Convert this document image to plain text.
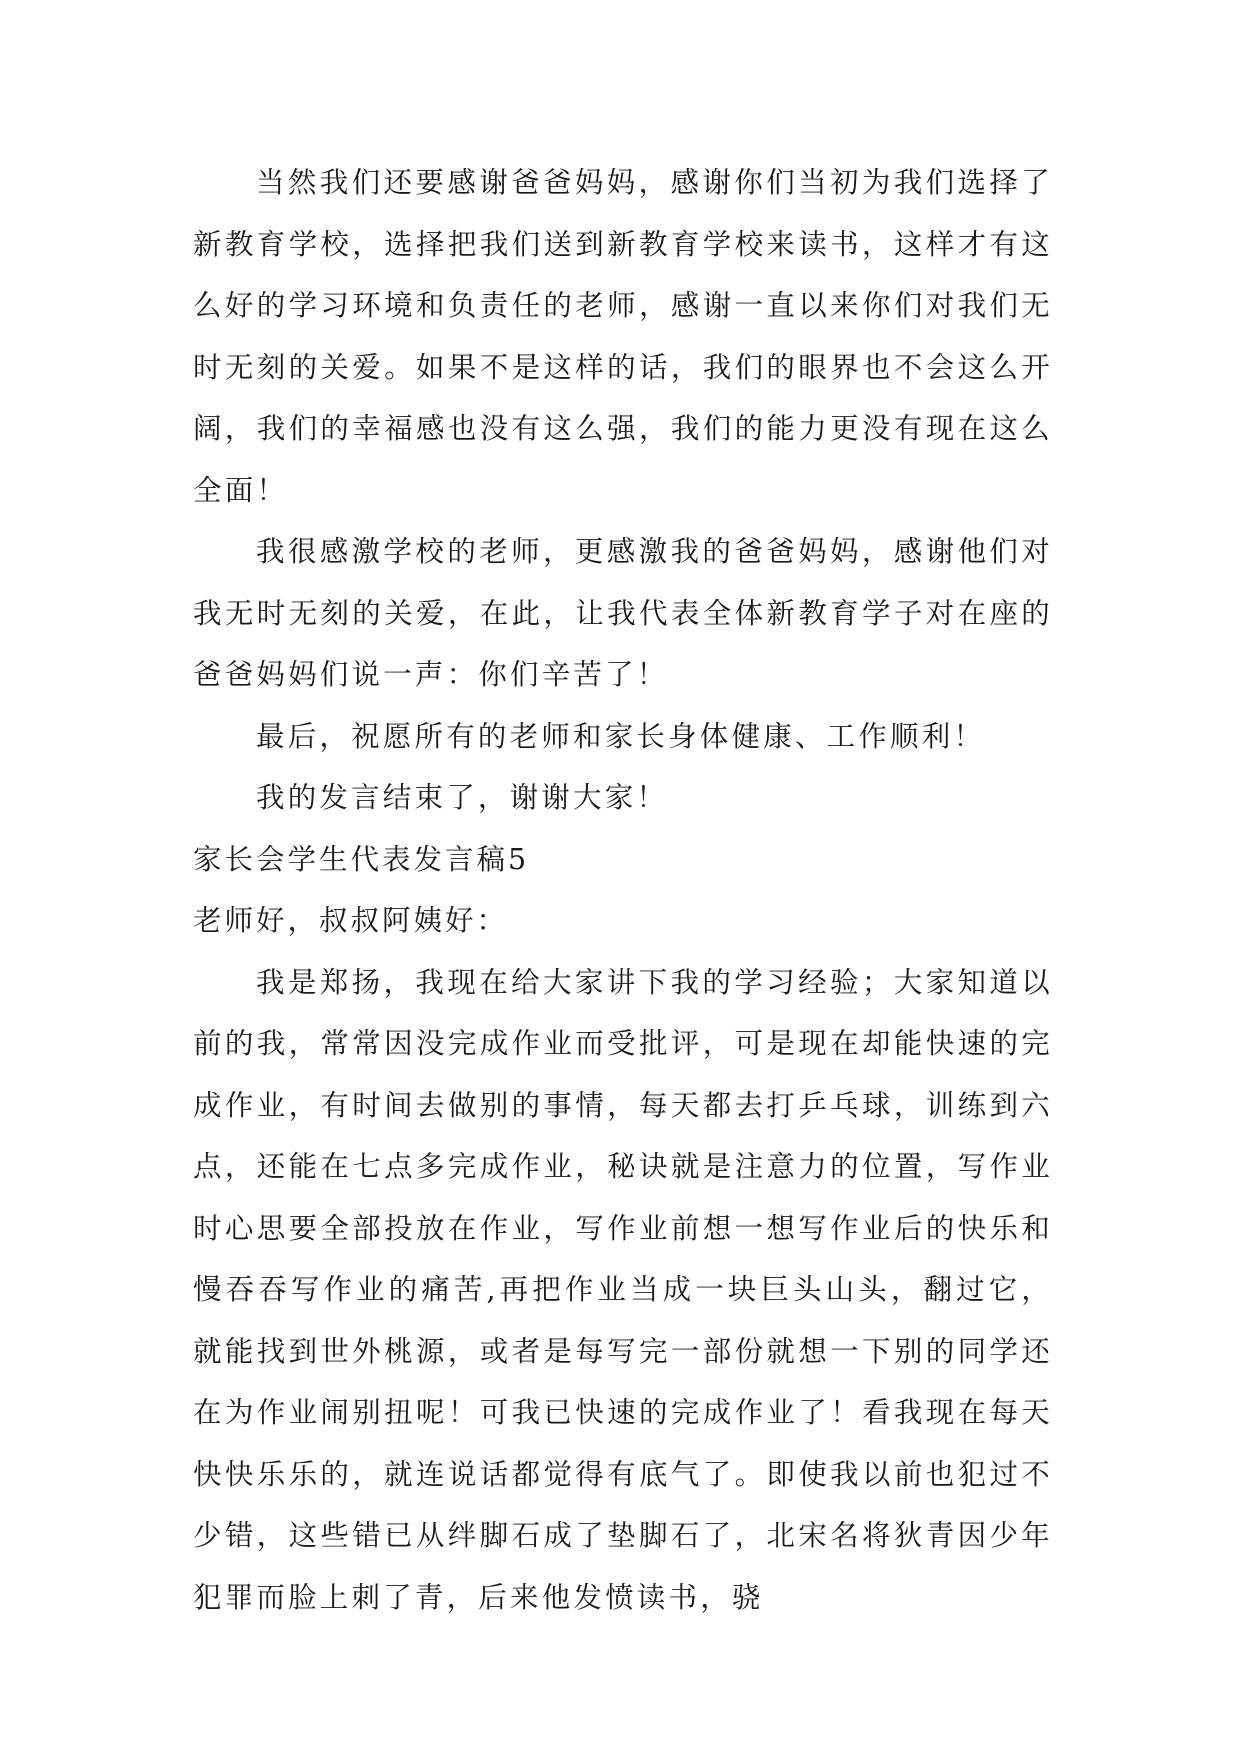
当然我们还要感谢爸爸妈妈，感谢你们当初为我们选择了新教育学校，选择把我们送到新教育学校来读书，这样才有这么好的学习环境和负责任的老师，感谢一直以来你们对我们无时无刻的关爱。如果不是这样的话，我们的眼界也不会这么开阔，我们的幸福感也没有这么强，我们的能力更没有现在这么全面！

我很感激学校的老师，更感激我的爸爸妈妈，感谢他们对我无时无刻的关爱，在此，让我代表全体新教育学子对在座的爸爸妈妈们说一声：你们辛苦了！

最后，祝愿所有的老师和家长身体健康、工作顺利！

我的发言结束了，谢谢大家！

家长会学生代表发言稿5

老师好，叔叔阿姨好：

我是郑扬，我现在给大家讲下我的学习经验；大家知道以前的我，常常因没完成作业而受批评，可是现在却能快速的完成作业，有时间去做别的事情，每天都去打乒乓球，训练到六点，还能在七点多完成作业，秘诀就是注意力的位置，写作业时心思要全部投放在作业，写作业前想一想写作业后的快乐和慢吞吞写作业的痛苦,再把作业当成一块巨头山头，翻过它，就能找到世外桃源，或者是每写完一部份就想一下别的同学还在为作业闹别扭呢！可我已快速的完成作业了！看我现在每天快快乐乐的，就连说话都觉得有底气了。即使我以前也犯过不少错，这些错已从绊脚石成了垫脚石了，北宋名将狄青因少年犯罪而脸上刺了青，后来他发愤读书，骁
